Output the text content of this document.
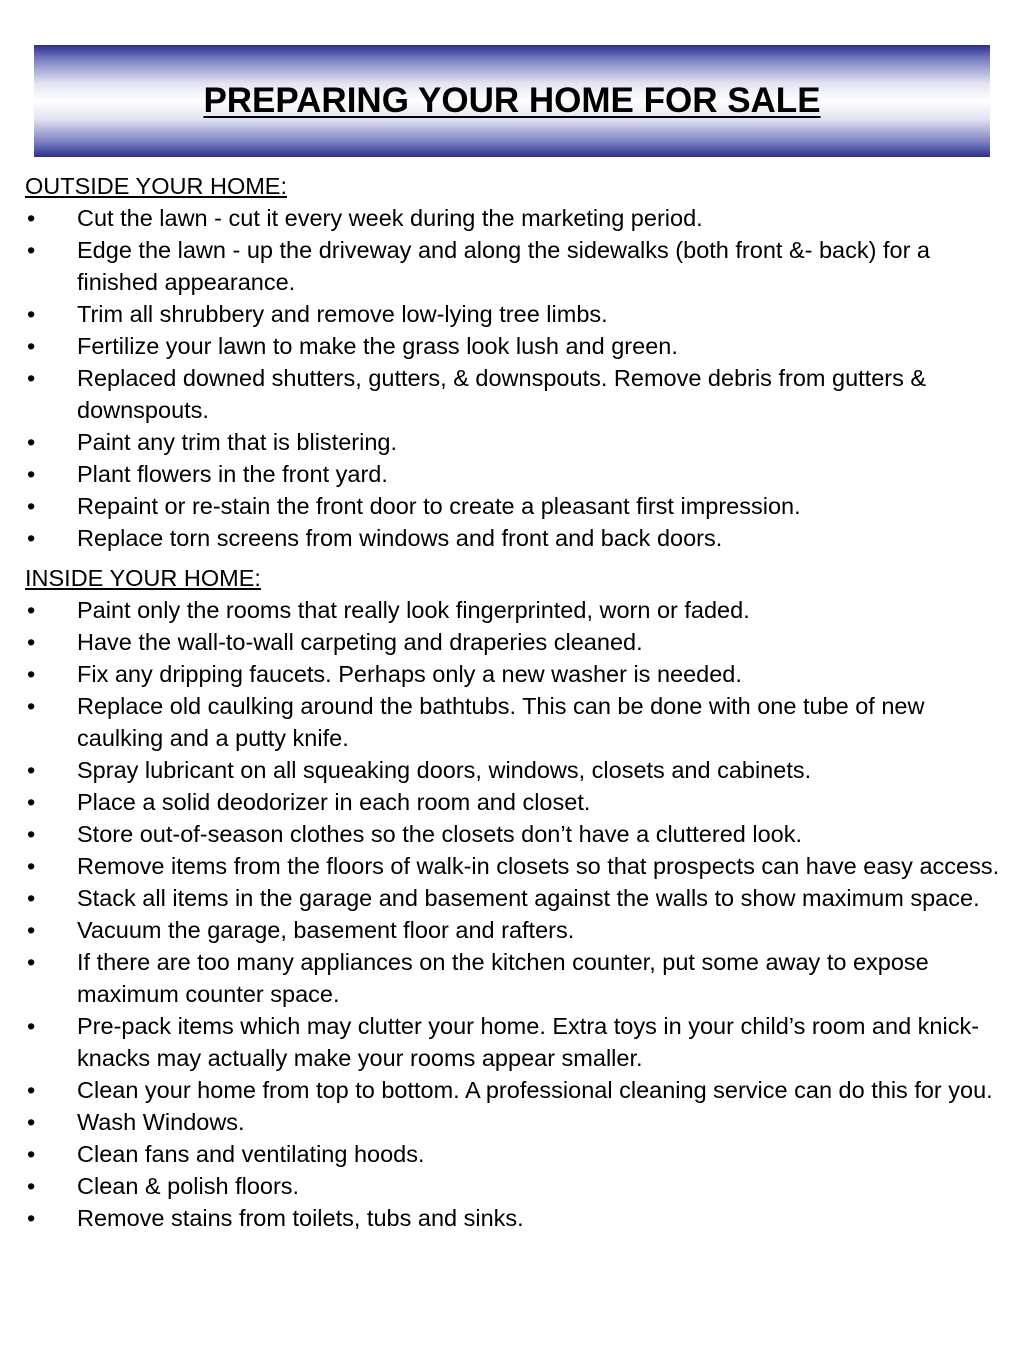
PREPARING YOUR HOME FOR SALE

OUTSIDE YOUR HOME:

• Cut the lawn - cut it every week during the marketing period.
• Edge the lawn - up the driveway and along the sidewalks (both front &- back) for a finished appearance.
• Trim all shrubbery and remove low-lying tree limbs.
• Fertilize your lawn to make the grass look lush and green.
• Replaced downed shutters, gutters, & downspouts. Remove debris from gutters & downspouts.
• Paint any trim that is blistering.
• Plant flowers in the front yard.
• Repaint or re-stain the front door to create a pleasant first impression.
• Replace torn screens from windows and front and back doors.

INSIDE YOUR HOME:

• Paint only the rooms that really look fingerprinted, worn or faded.
• Have the wall-to-wall carpeting and draperies cleaned.
• Fix any dripping faucets. Perhaps only a new washer is needed.
• Replace old caulking around the bathtubs. This can be done with one tube of new caulking and a putty knife.
• Spray lubricant on all squeaking doors, windows, closets and cabinets.
• Place a solid deodorizer in each room and closet.
• Store out-of-season clothes so the closets don’t have a cluttered look.
• Remove items from the floors of walk-in closets so that prospects can have easy access.
• Stack all items in the garage and basement against the walls to show maximum space.
• Vacuum the garage, basement floor and rafters.
• If there are too many appliances on the kitchen counter, put some away to expose maximum counter space.
• Pre-pack items which may clutter your home. Extra toys in your child’s room and knick-knacks may actually make your rooms appear smaller.
• Clean your home from top to bottom. A professional cleaning service can do this for you.
• Wash Windows.
• Clean fans and ventilating hoods.
• Clean & polish floors.
• Remove stains from toilets, tubs and sinks.
